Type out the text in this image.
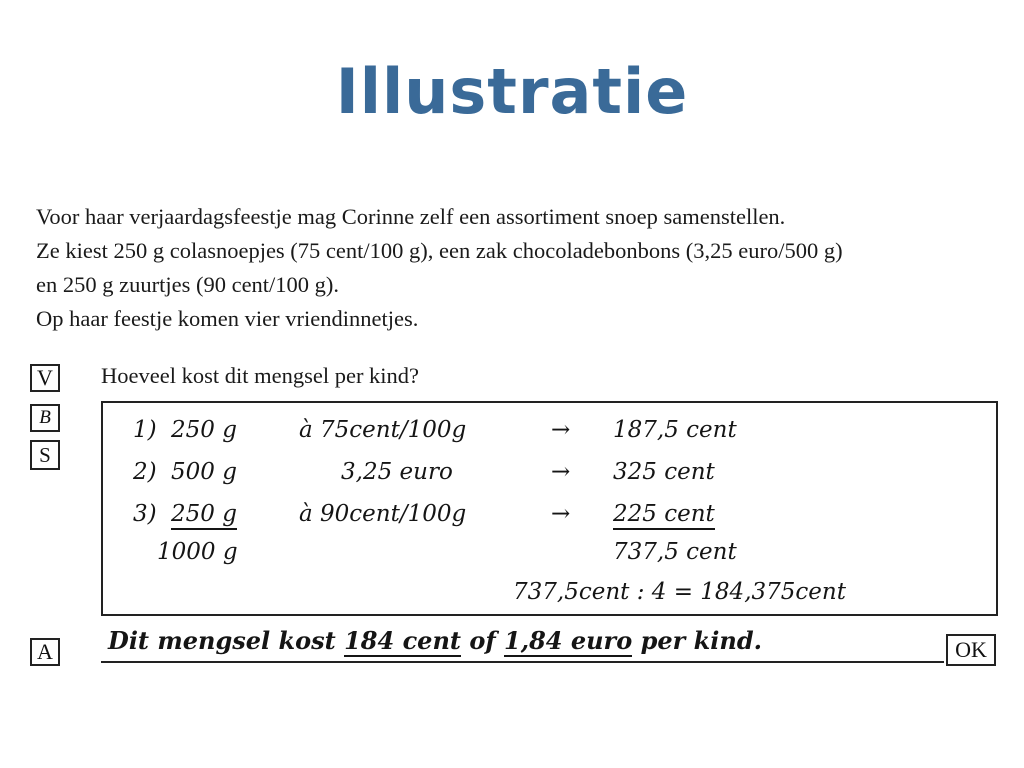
Illustratie
Voor haar verjaardagsfeestje mag Corinne zelf een assortiment snoep samenstellen.
Ze kiest 250 g colasnoepjes (75 cent/100 g), een zak chocoladebonbons (3,25 euro/500 g)
en 250 g zuurtjes (90 cent/100 g).
Op haar feestje komen vier vriendinnetjes.
V	Hoeveel kost dit mengsel per kind?
B
S
1) 250 g	à 75cent/100g	→ 187,5 cent
2) 500 g	3,25 euro	→ 325 cent
3) 250 g	à 90cent/100g	→ 225 cent
1000 g	737,5 cent
737,5cent : 4 = 184,375cent
A Dit mengsel kost 184 cent of 1,84 euro per kind.	OK
